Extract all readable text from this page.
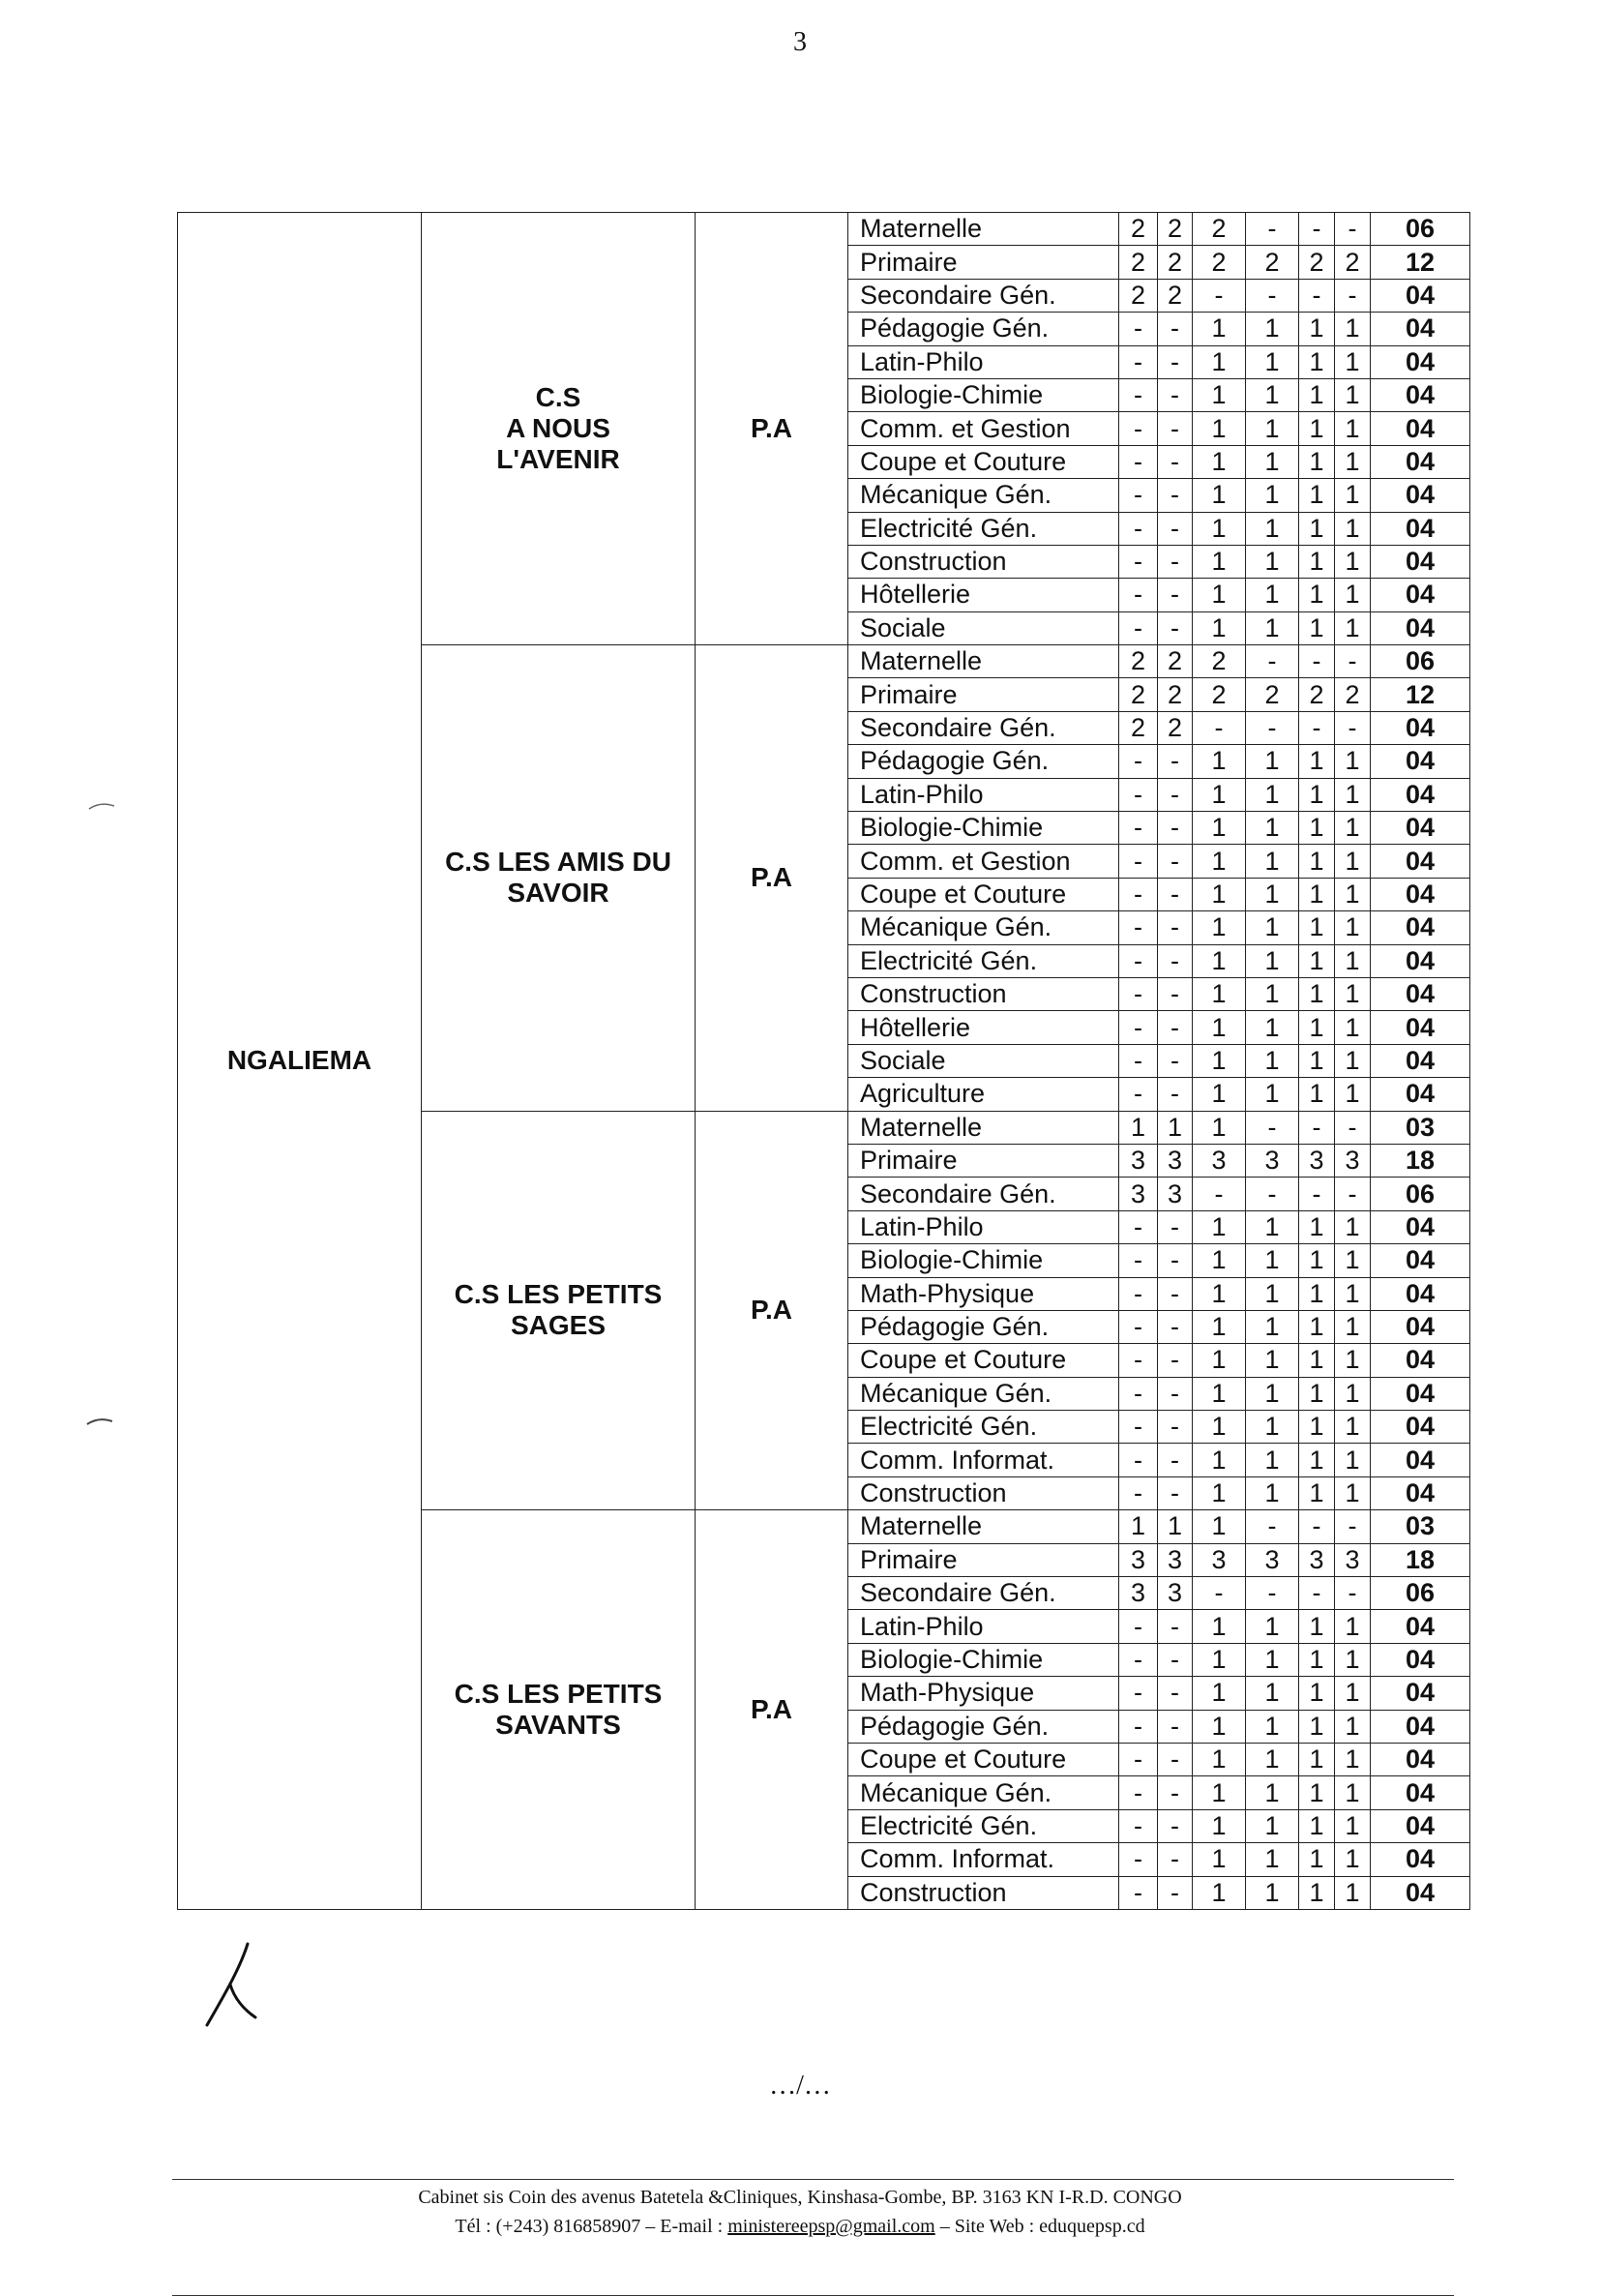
3
NGALIEMA	C.S
A NOUS
L'AVENIR	P.A	Maternelle	2	2	2	-	-	-	06
			Primaire	2	2	2	2	2	2	12
			Secondaire Gén.	2	2	-	-	-	-	04
			Pédagogie Gén.	-	-	1	1	1	1	04
			Latin-Philo	-	-	1	1	1	1	04
			Biologie-Chimie	-	-	1	1	1	1	04
			Comm. et Gestion	-	-	1	1	1	1	04
			Coupe et Couture	-	-	1	1	1	1	04
			Mécanique Gén.	-	-	1	1	1	1	04
			Electricité Gén.	-	-	1	1	1	1	04
			Construction	-	-	1	1	1	1	04
			Hôtellerie	-	-	1	1	1	1	04
			Sociale	-	-	1	1	1	1	04

	C.S LES AMIS DU
SAVOIR	P.A	Maternelle	2	2	2	-	-	-	06
			Primaire	2	2	2	2	2	2	12
			Secondaire Gén.	2	2	-	-	-	-	04
			Pédagogie Gén.	-	-	1	1	1	1	04
			Latin-Philo	-	-	1	1	1	1	04
			Biologie-Chimie	-	-	1	1	1	1	04
			Comm. et Gestion	-	-	1	1	1	1	04
			Coupe et Couture	-	-	1	1	1	1	04
			Mécanique Gén.	-	-	1	1	1	1	04
			Electricité Gén.	-	-	1	1	1	1	04
			Construction	-	-	1	1	1	1	04
			Hôtellerie	-	-	1	1	1	1	04
			Sociale	-	-	1	1	1	1	04
			Agriculture	-	-	1	1	1	1	04

	C.S LES PETITS
SAGES	P.A	Maternelle	1	1	1	-	-	-	03
			Primaire	3	3	3	3	3	3	18
			Secondaire Gén.	3	3	-	-	-	-	06
			Latin-Philo	-	-	1	1	1	1	04
			Biologie-Chimie	-	-	1	1	1	1	04
			Math-Physique	-	-	1	1	1	1	04
			Pédagogie Gén.	-	-	1	1	1	1	04
			Coupe et Couture	-	-	1	1	1	1	04
			Mécanique Gén.	-	-	1	1	1	1	04
			Electricité Gén.	-	-	1	1	1	1	04
			Comm. Informat.	-	-	1	1	1	1	04
			Construction	-	-	1	1	1	1	04

	C.S LES PETITS
SAVANTS	P.A	Maternelle	1	1	1	-	-	-	03
			Primaire	3	3	3	3	3	3	18
			Secondaire Gén.	3	3	-	-	-	-	06
			Latin-Philo	-	-	1	1	1	1	04
			Biologie-Chimie	-	-	1	1	1	1	04
			Math-Physique	-	-	1	1	1	1	04
			Pédagogie Gén.	-	-	1	1	1	1	04
			Coupe et Couture	-	-	1	1	1	1	04
			Mécanique Gén.	-	-	1	1	1	1	04
			Electricité Gén.	-	-	1	1	1	1	04
			Comm. Informat.	-	-	1	1	1	1	04
			Construction	-	-	1	1	1	1	04
…/…
Cabinet sis Coin des avenus Batetela &Cliniques, Kinshasa-Gombe, BP. 3163 KN I-R.D. CONGO
Tél : (+243) 816858907 – E-mail : ministereepsp@gmail.com – Site Web : eduquepsp.cd
